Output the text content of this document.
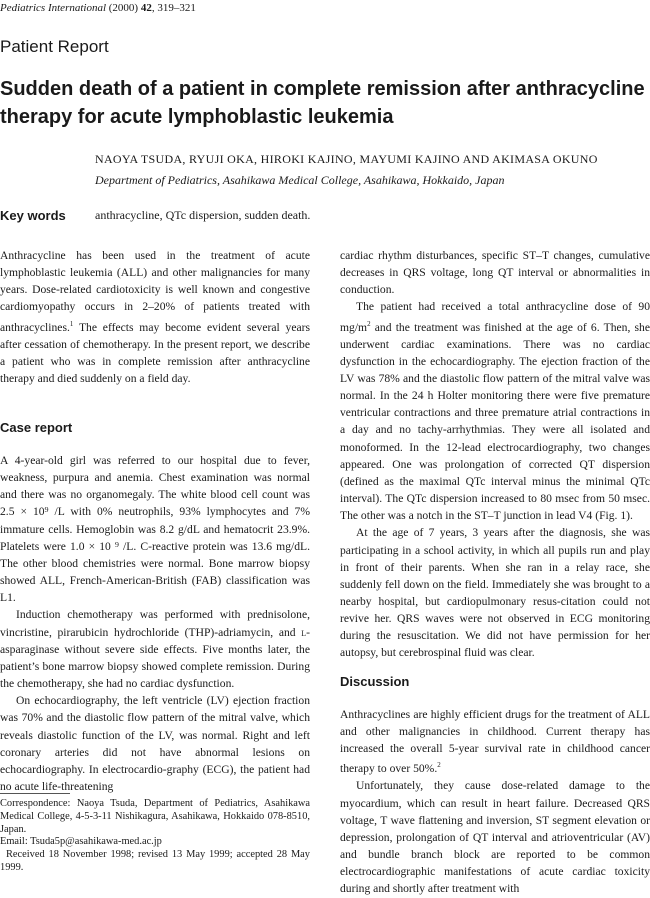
Pediatrics International (2000) 42, 319–321
Patient Report
Sudden death of a patient in complete remission after anthracycline therapy for acute lymphoblastic leukemia
NAOYA TSUDA, RYUJI OKA, HIROKI KAJINO, MAYUMI KAJINO AND AKIMASA OKUNO
Department of Pediatrics, Asahikawa Medical College, Asahikawa, Hokkaido, Japan
Key words anthracycline, QTc dispersion, sudden death.

Anthracycline has been used in the treatment of acute lymphoblastic leukemia (ALL) and other malignancies for many years. Dose-related cardiotoxicity is well known and congestive cardiomyopathy occurs in 2–20% of patients treated with anthracyclines.$^1$ The effects may become evident several years after cessation of chemotherapy. In the present report, we describe a patient who was in complete remission after anthracycline therapy and died suddenly on a field day.

Case report

A 4-year-old girl was referred to our hospital due to fever, weakness, purpura and anemia. Chest examination was normal and there was no organomegaly. The white blood cell count was 2.5 × 10⁹ /L with 0% neutrophils, 93% lymphocytes and 7% immature cells. Hemoglobin was 8.2 g/dL and hematocrit 23.9%. Platelets were 1.0 × 10 ⁹ /L. C-reactive protein was 13.6 mg/dL. The other blood chemistries were normal. Bone marrow biopsy showed ALL, French-American-British (FAB) classification was L1.

Induction chemotherapy was performed with prednisolone, vincristine, pirarubicin hydrochloride (THP)-adriamycin, and l-asparaginase without severe side effects. Five months later, the patient’s bone marrow biopsy showed complete remission. During the chemotherapy, she had no cardiac dysfunction.

On echocardiography, the left ventricle (LV) ejection fraction was 70% and the diastolic flow pattern of the mitral valve, which reveals diastolic function of the LV, was normal. Right and left coronary arteries did not have abnormal lesions on echocardiography. In electrocardio-graphy (ECG), the patient had no acute life-threatening

Correspondence: Naoya Tsuda, Department of Pediatrics, Asahikawa Medical College, 4-5-3-11 Nishikagura, Asahikawa, Hokkaido 078-8510, Japan.

Email: Tsuda5p@asahikawa-med.ac.jp

Received 18 November 1998; revised 13 May 1999; accepted 28 May 1999.

cardiac rhythm disturbances, specific ST–T changes, cumulative decreases in QRS voltage, long QT interval or abnormalities in conduction.

The patient had received a total anthracycline dose of 90 $mg/m^2$ and the treatment was finished at the age of 6. Then, she underwent cardiac examinations. There was no cardiac dysfunction in the echocardiography. The ejection fraction of the LV was 78% and the diastolic flow pattern of the mitral valve was normal. In the 24 h Holter monitoring there were five premature ventricular contractions and three premature atrial contractions in a day and no tachy-arrhythmias. They were all isolated and monoformed. In the 12-lead electrocardiography, two changes appeared. One was prolongation of corrected QT dispersion (defined as the maximal QTc interval minus the minimal QTc interval). The QTc dispersion increased to 80 msec from 50 msec. The other was a notch in the ST–T junction in lead V4 (Fig. 1).

At the age of 7 years, 3 years after the diagnosis, she was participating in a school activity, in which all pupils run and play in front of their parents. When she ran in a relay race, she suddenly fell down on the field. Immediately she was brought to a nearby hospital, but cardiopulmonary resus-citation could not revive her. QRS waves were not observed in ECG monitoring during the resuscitation. We did not have permission for her autopsy, but cerebrospinal fluid was clear.

Discussion

Anthracyclines are highly efficient drugs for the treatment of ALL and other malignancies in childhood. Current therapy has increased the overall 5-year survival rate in childhood cancer therapy to over 50%.$^2$

Unfortunately, they cause dose-related damage to the myocardium, which can result in heart failure. Decreased QRS voltage, T wave flattening and inversion, ST segment elevation or depression, prolongation of QT interval and atrioventricular (AV) and bundle branch block are reported to be common electrocardiographic manifestations of acute cardiac toxicity during and shortly after treatment with
